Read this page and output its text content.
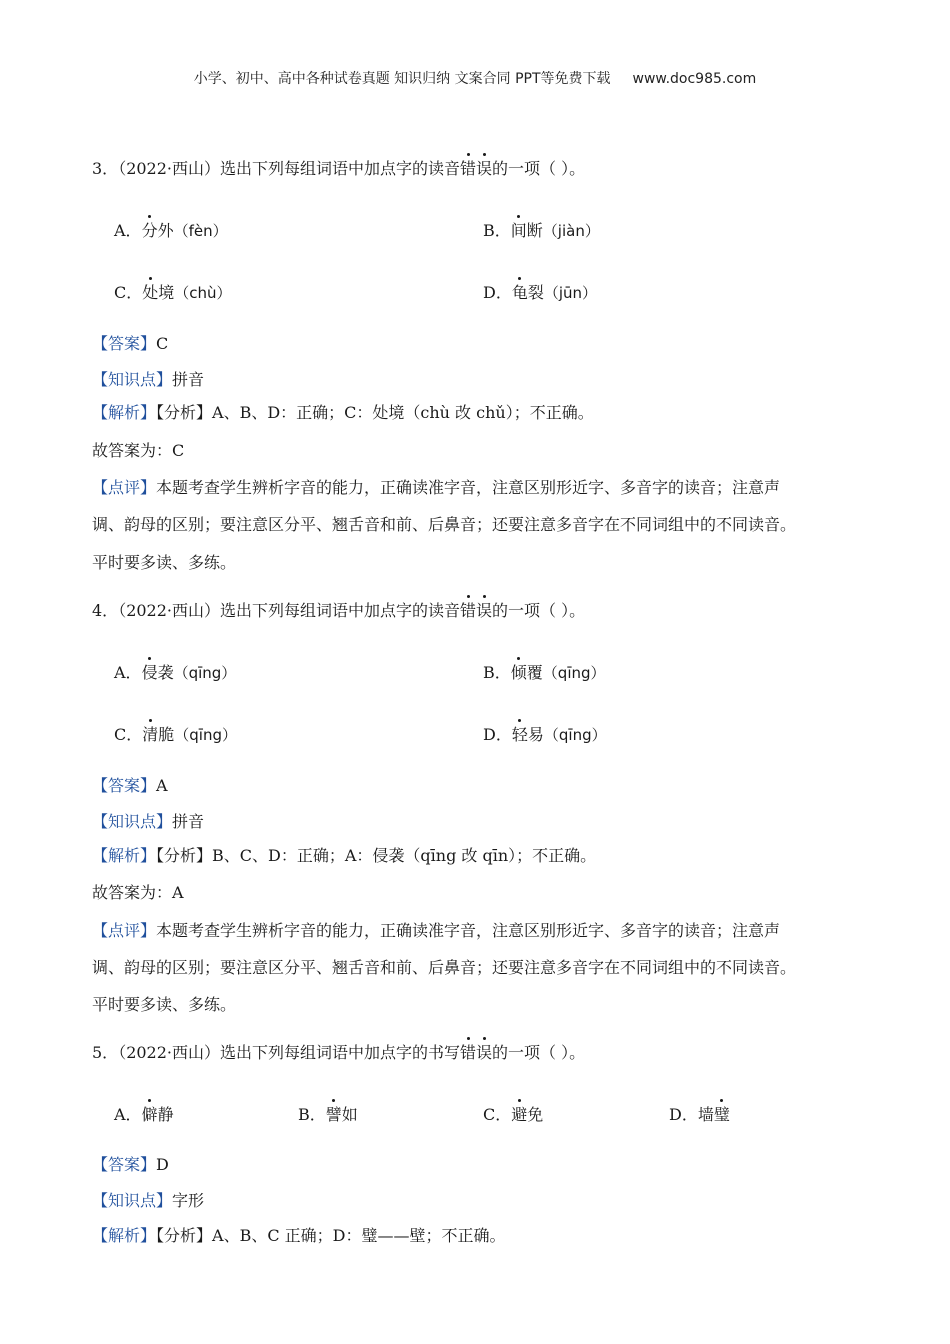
小学、初中、高中各种试卷真题 知识归纳 文案合同 PPT等免费下载 www.doc985.com
3．（2022·西山）选出下列每组词语中加点字的读音错误的一项（ ）。
A．分外（fèn）	B．间断（jiàn）
C．处境（chù）	D．龟裂（jūn）
【答案】C
【知识点】拼音
【解析】【分析】A、B、D：正确；C：处境（chù 改 chǔ）；不正确。
故答案为：C
【点评】本题考查学生辨析字音的能力，正确读准字音，注意区别形近字、多音字的读音；注意声
调、韵母的区别；要注意区分平、翘舌音和前、后鼻音；还要注意多音字在不同词组中的不同读音。
平时要多读、多练。
4．（2022·西山）选出下列每组词语中加点字的读音错误的一项（ ）。
A．侵袭（qīng）	B．倾覆（qīng）
C．清脆（qīng）	D．轻易（qīng）
【答案】A
【知识点】拼音
【解析】【分析】B、C、D：正确；A：侵袭（qīng 改 qīn）；不正确。
故答案为：A
【点评】本题考查学生辨析字音的能力，正确读准字音，注意区别形近字、多音字的读音；注意声
调、韵母的区别；要注意区分平、翘舌音和前、后鼻音；还要注意多音字在不同词组中的不同读音。
平时要多读、多练。
5．（2022·西山）选出下列每组词语中加点字的书写错误的一项（ ）。
A．僻静	B．譬如	C．避免	D．墙璧
【答案】D
【知识点】字形
【解析】【分析】A、B、C 正确；D：璧——壁；不正确。
